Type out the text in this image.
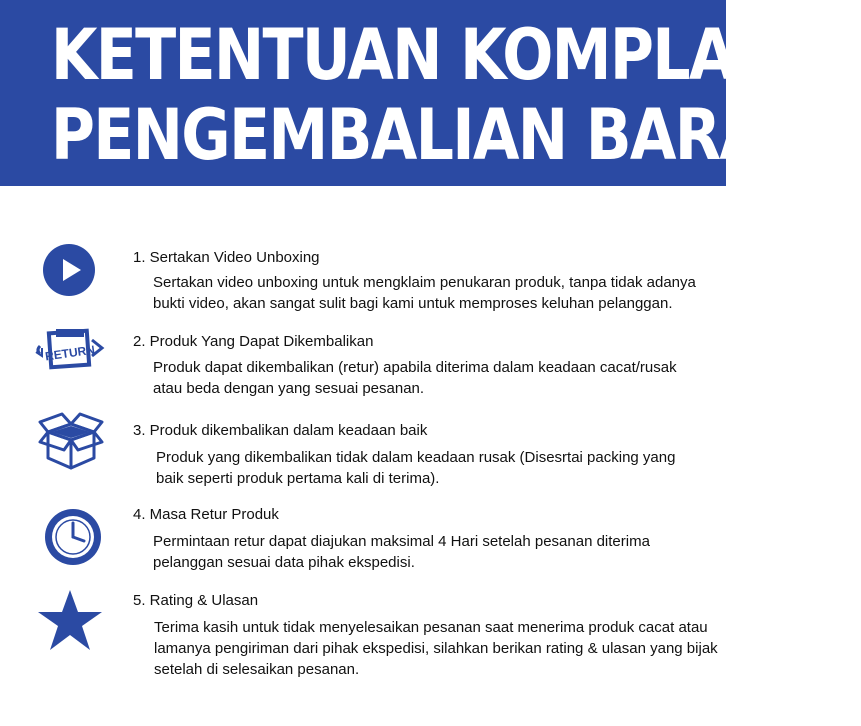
KETENTUAN KOMPLAIN
PENGEMBALIAN BARANG
1. Sertakan Video Unboxing
Sertakan video unboxing untuk mengklaim penukaran produk, tanpa tidak adanya
bukti video, akan sangat sulit bagi kami untuk memproses keluhan pelanggan.
RETURN
2. Produk Yang Dapat Dikembalikan
Produk dapat dikembalikan (retur) apabila diterima dalam keadaan cacat/rusak
atau beda dengan yang sesuai pesanan.
3. Produk dikembalikan dalam keadaan baik
Produk yang dikembalikan tidak dalam keadaan rusak (Disesrtai packing yang
baik seperti produk pertama kali di terima).
4. Masa Retur Produk
Permintaan retur dapat diajukan maksimal 4 Hari setelah pesanan diterima
pelanggan sesuai data pihak ekspedisi.
5. Rating & Ulasan
Terima kasih untuk tidak menyelesaikan pesanan saat menerima produk cacat atau
lamanya pengiriman dari pihak ekspedisi, silahkan berikan rating & ulasan yang bijak
setelah di selesaikan pesanan.
